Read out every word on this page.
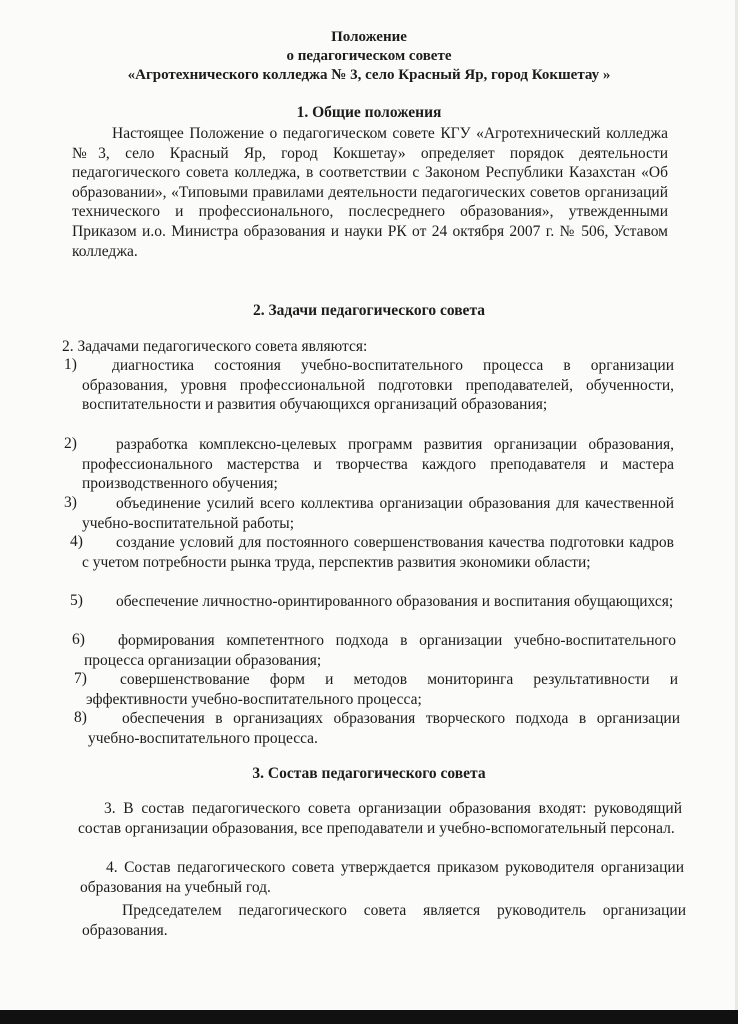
Положение
о педагогическом совете
«Агротехнического колледжа № 3, село Красный Яр, город Кокшетау »
1. Общие положения
Настоящее Положение о педагогическом совете КГУ «Агротехнический колледжа №3, село Красный Яр, город Кокшетау» определяет порядок деятельности педагогического совета колледжа, в соответствии с Законом Республики Казахстан «Об образовании», «Типовыми правилами деятельности педагогических советов организаций технического и профессионального, послесреднего образования», утвежденными Приказом и.о. Министра образования и науки РК от 24 октября 2007 г. № 506, Уставом колледжа.
2. Задачи педагогического совета
2. Задачами педагогического совета являются:
1)	диагностика состояния учебно-воспитательного процесса в организации образования, уровня профессиональной подготовки преподавателей, обученности, воспитательности и развития обучающихся организаций образования;
2)	разработка комплексно-целевых программ развития организации образования, профессионального мастерства и творчества каждого преподавателя и мастера производственного обучения;
3)	объединение усилий всего коллектива организации образования для качественной учебно-воспитательной работы;
4)	создание условий для постоянного совершенствования качества подготовки кадров с учетом потребности рынка труда, перспектив развития экономики области;
5)	обеспечение личностно-оринтированного образования и воспитания обущающихся;
6)	формирования компетентного подхода в организации учебно-воспитательного процесса организации образования;
7)	совершенствование форм и методов мониторинга результативности и эффективности учебно-воспитательного процесса;
8)	обеспечения в организациях образования творческого подхода в организации учебно-воспитательного процесса.
3. Состав педагогического совета
3. В состав педагогического совета организации образования входят: руководящий состав организации образования, все преподаватели и учебно-вспомогательный персонал.
4. Состав педагогического совета утверждается приказом руководителя организации образования на учебный год.
Председателем педагогического совета является руководитель организации образования.
